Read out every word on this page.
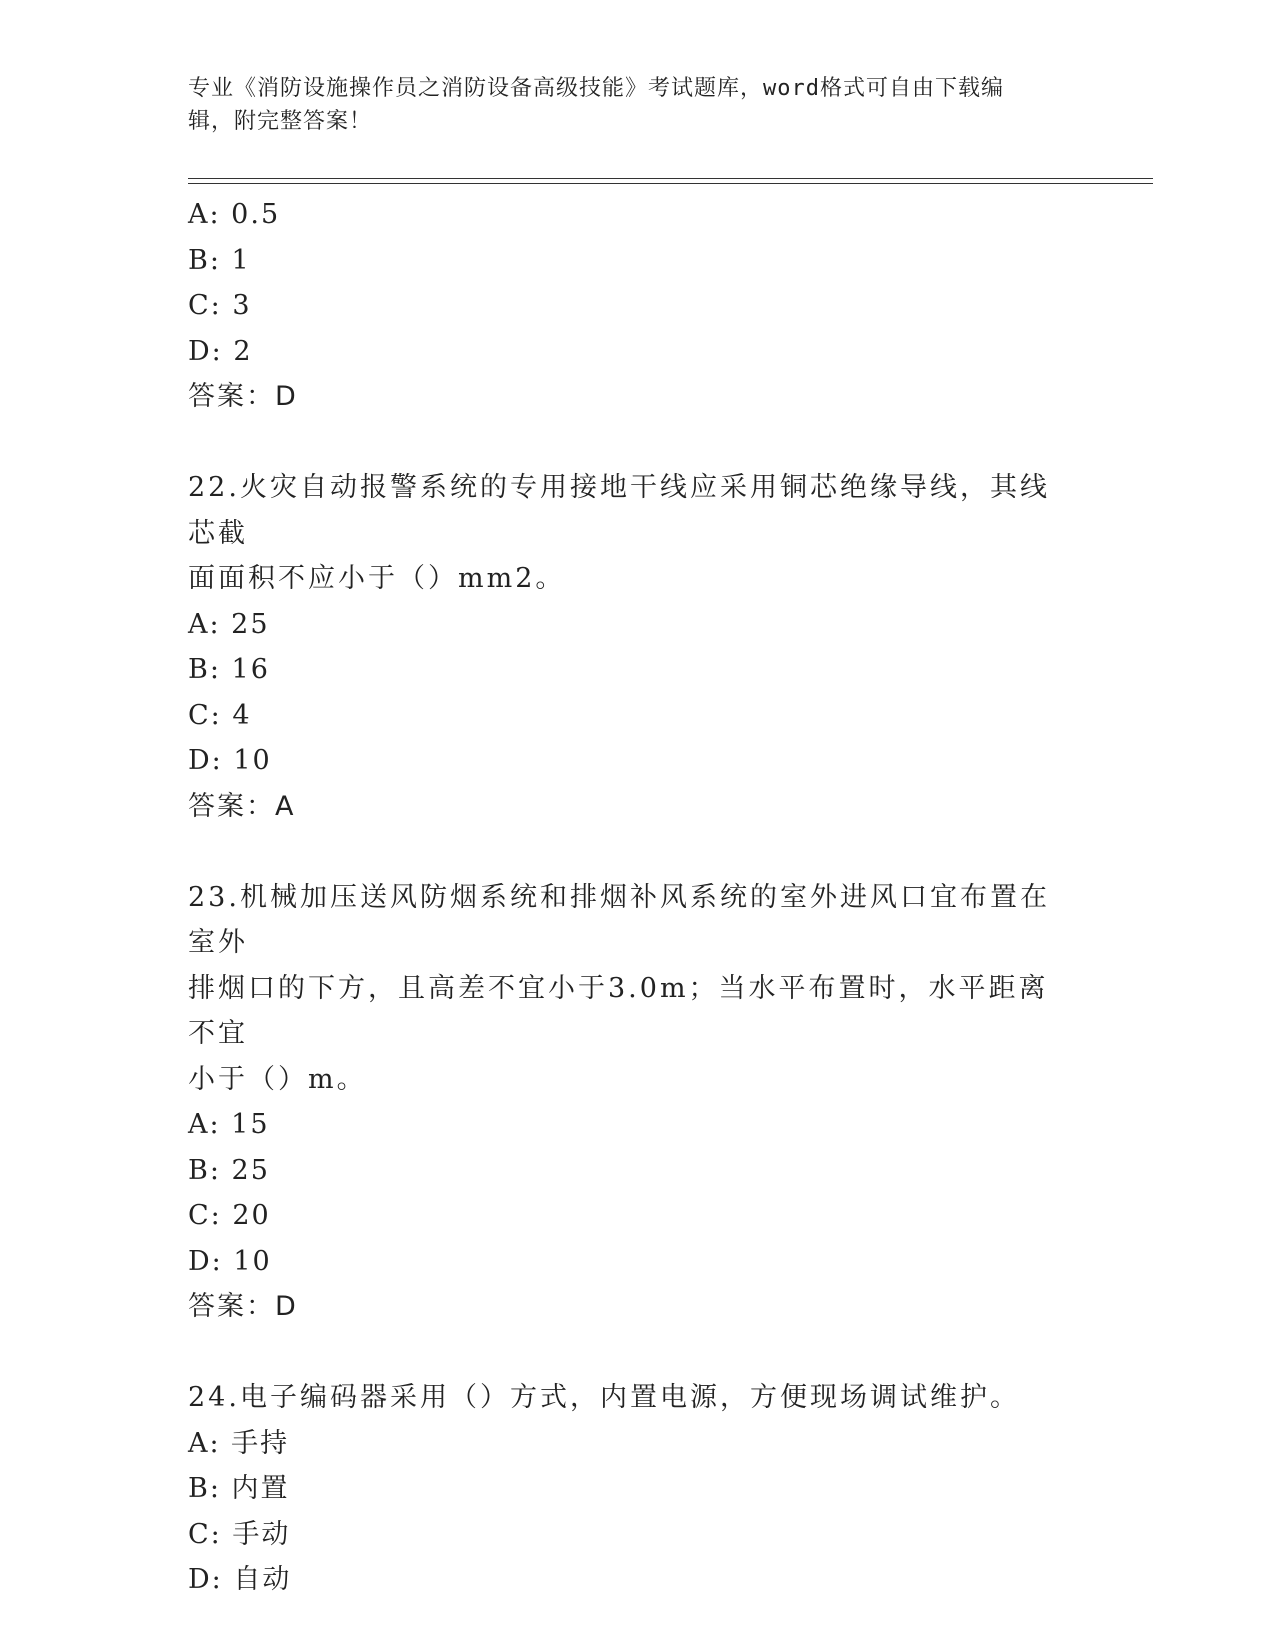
专业《消防设施操作员之消防设备高级技能》考试题库，word格式可自由下载编
辑，附完整答案！
A: 0.5
B: 1
C: 3
D: 2
答案：D
22.火灾自动报警系统的专用接地干线应采用铜芯绝缘导线，其线芯截
面面积不应小于（）mm2。
A: 25
B: 16
C: 4
D: 10
答案：A
23.机械加压送风防烟系统和排烟补风系统的室外进风口宜布置在室外
排烟口的下方，且高差不宜小于3.0m；当水平布置时，水平距离不宜
小于（）m。
A: 15
B: 25
C: 20
D: 10
答案：D
24.电子编码器采用（）方式，内置电源，方便现场调试维护。
A: 手持
B: 内置
C: 手动
D: 自动
